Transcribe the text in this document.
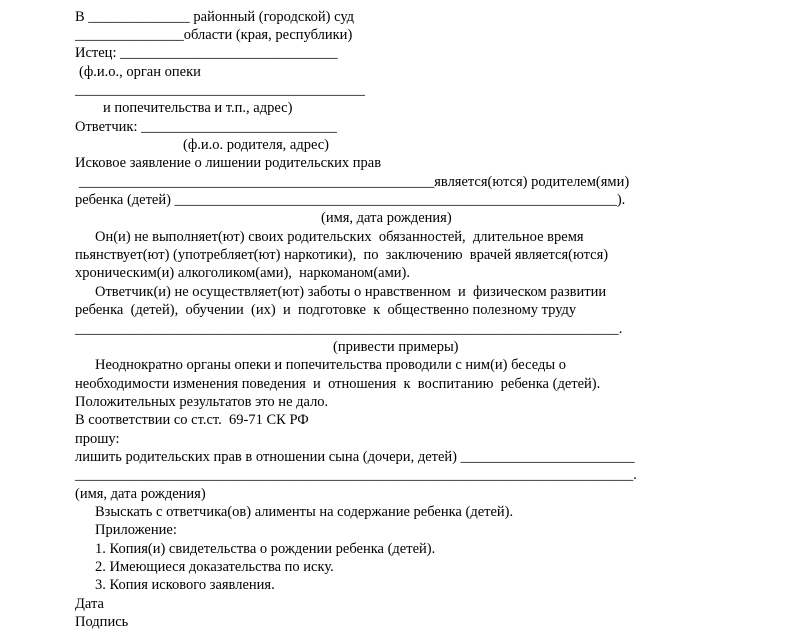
В ______________ районный (городской) суд
_______________области (края, республики)
Истец: ______________________________
(ф.и.о., орган опеки
________________________________________
и попечительства и т.п., адрес)
Ответчик: ___________________________
(ф.и.о. родителя, адрес)
Исковое заявление о лишении родительских прав
_________________________________________________является(ются) родителем(ями)
ребенка (детей) _____________________________________________________________).
(имя, дата рождения)
Он(и) не выполняет(ют) своих родительских  обязанностей,  длительное время
пьянствует(ют) (употребляет(ют) наркотики),  по  заключению  врачей является(ются)
хроническим(и) алкоголиком(ами),  наркоманом(ами).
Ответчик(и) не осуществляет(ют) заботы о нравственном  и  физическом развитии
ребенка  (детей),  обучении  (их)  и  подготовке  к  общественно полезному труду
___________________________________________________________________________.
(привести примеры)
Неоднократно органы опеки и попечительства проводили с ним(и) беседы о
необходимости изменения поведения  и  отношения  к  воспитанию  ребенка (детей).
Положительных результатов это не дало.
В соответствии со ст.ст.  69-71 СК РФ
прошу:
лишить родительских прав в отношении сына (дочери, детей) ________________________
_____________________________________________________________________________.
(имя, дата рождения)
Взыскать с ответчика(ов) алименты на содержание ребенка (детей).
Приложение:
1. Копия(и) свидетельства о рождении ребенка (детей).
2. Имеющиеся доказательства по иску.
3. Копия искового заявления.
Дата
Подпись
